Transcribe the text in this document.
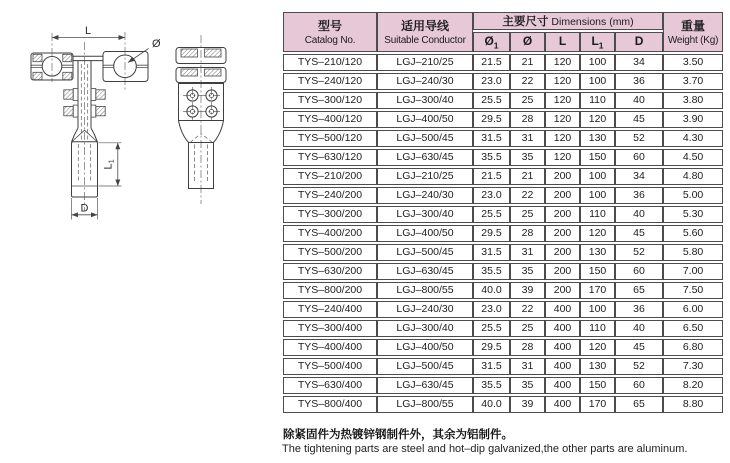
L
Ø
L1
D
型号
Catalog No.	适用导线
Suitable Conductor	主要尺寸 Dimensions (mm)					重量
Weight (Kg)

		$Ø_1$	Ø	L	$L_1$	D	
TYS–210/120	LGJ–210/25	21.5	21	120	100	34	3.50
TYS–240/120	LGJ–240/30	23.0	22	120	100	36	3.70
TYS–300/120	LGJ–300/40	25.5	25	120	110	40	3.80
TYS–400/120	LGJ–400/50	29.5	28	120	120	45	3.90
TYS–500/120	LGJ–500/45	31.5	31	120	130	52	4.30
TYS–630/120	LGJ–630/45	35.5	35	120	150	60	4.50
TYS–210/200	LGJ–210/25	21.5	21	200	100	34	4.80
TYS–240/200	LGJ–240/30	23.0	22	200	100	36	5.00
TYS–300/200	LGJ–300/40	25.5	25	200	110	40	5.30
TYS–400/200	LGJ–400/50	29.5	28	200	120	45	5.60
TYS–500/200	LGJ–500/45	31.5	31	200	130	52	5.80
TYS–630/200	LGJ–630/45	35.5	35	200	150	60	7.00
TYS–800/200	LGJ–800/55	40.0	39	200	170	65	7.50
TYS–240/400	LGJ–240/30	23.0	22	400	100	36	6.00
TYS–300/400	LGJ–300/40	25.5	25	400	110	40	6.50
TYS–400/400	LGJ–400/50	29.5	28	400	120	45	6.80
TYS–500/400	LGJ–500/45	31.5	31	400	130	52	7.30
TYS–630/400	LGJ–630/45	35.5	35	400	150	60	8.20
TYS–800/400	LGJ–800/55	40.0	39	400	170	65	8.80
除紧固件为热镀锌钢制件外，其余为铝制件。
The tightening parts are steel and hot–dip galvanized,the other parts are aluminum.
